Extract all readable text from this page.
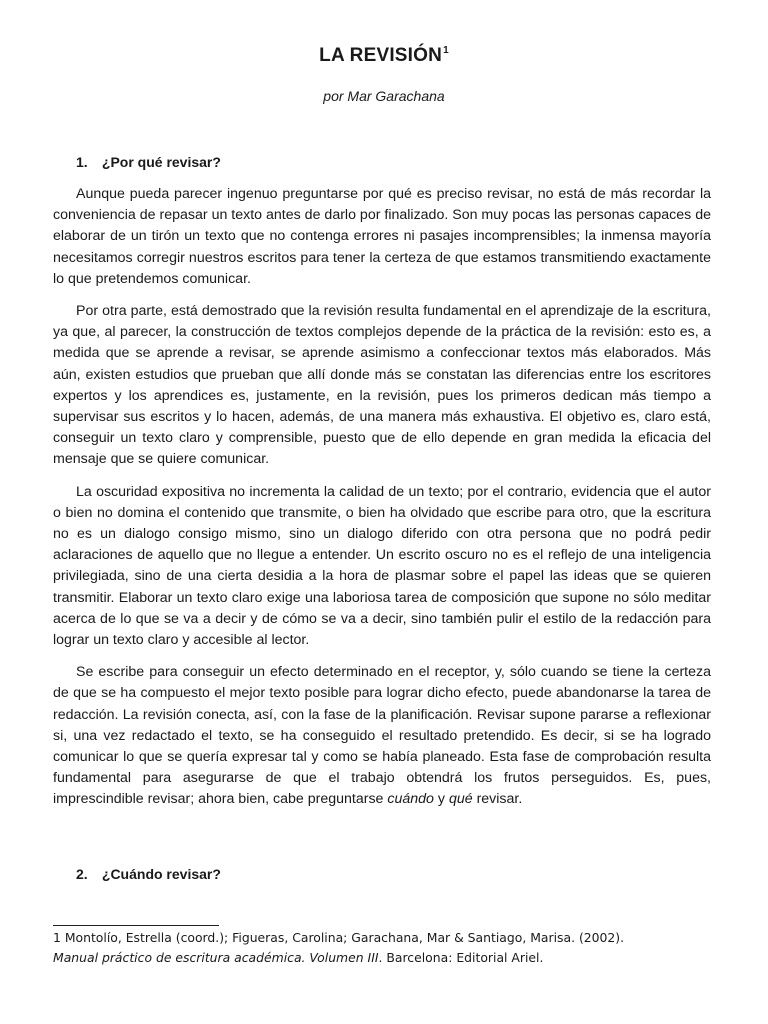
LA REVISIÓN$^1$
por Mar Garachana
1. ¿Por qué revisar?

Aunque pueda parecer ingenuo preguntarse por qué es preciso revisar, no está de más recordar la conveniencia de repasar un texto antes de darlo por finalizado. Son muy pocas las personas capaces de elaborar de un tirón un texto que no contenga errores ni pasajes incomprensibles; la inmensa mayoría necesitamos corregir nuestros escritos para tener la certeza de que estamos transmitiendo exactamente lo que pretendemos comunicar.

Por otra parte, está demostrado que la revisión resulta fundamental en el aprendizaje de la escritura, ya que, al parecer, la construcción de textos complejos depende de la práctica de la revisión: esto es, a medida que se aprende a revisar, se aprende asimismo a confeccionar textos más elaborados. Más aún, existen estudios que prueban que allí donde más se constatan las diferencias entre los escritores expertos y los aprendices es, justamente, en la revisión, pues los primeros dedican más tiempo a supervisar sus escritos y lo hacen, además, de una manera más exhaustiva. El objetivo es, claro está, conseguir un texto claro y comprensible, puesto que de ello depende en gran medida la eficacia del mensaje que se quiere comunicar.

La oscuridad expositiva no incrementa la calidad de un texto; por el contrario, evidencia que el autor o bien no domina el contenido que transmite, o bien ha olvidado que escribe para otro, que la escritura no es un dialogo consigo mismo, sino un dialogo diferido con otra persona que no podrá pedir aclaraciones de aquello que no llegue a entender. Un escrito oscuro no es el reflejo de una inteligencia privilegiada, sino de una cierta desidia a la hora de plasmar sobre el papel las ideas que se quieren transmitir. Elaborar un texto claro exige una laboriosa tarea de composición que supone no sólo meditar acerca de lo que se va a decir y de cómo se va a decir, sino también pulir el estilo de la redacción para lograr un texto claro y accesible al lector.

Se escribe para conseguir un efecto determinado en el receptor, y, sólo cuando se tiene la certeza de que se ha compuesto el mejor texto posible para lograr dicho efecto, puede abandonarse la tarea de redacción. La revisión conecta, así, con la fase de la planificación. Revisar supone pararse a reflexionar si, una vez redactado el texto, se ha conseguido el resultado pretendido. Es decir, si se ha logrado comunicar lo que se quería expresar tal y como se había planeado. Esta fase de comprobación resulta fundamental para asegurarse de que el trabajo obtendrá los frutos perseguidos. Es, pues, imprescindible revisar; ahora bien, cabe preguntarse cuándo y qué revisar.

2. ¿Cuándo revisar?
1 Montolío, Estrella (coord.); Figueras, Carolina; Garachana, Mar & Santiago, Marisa. (2002).
Manual práctico de escritura académica. Volumen III. Barcelona: Editorial Ariel.
